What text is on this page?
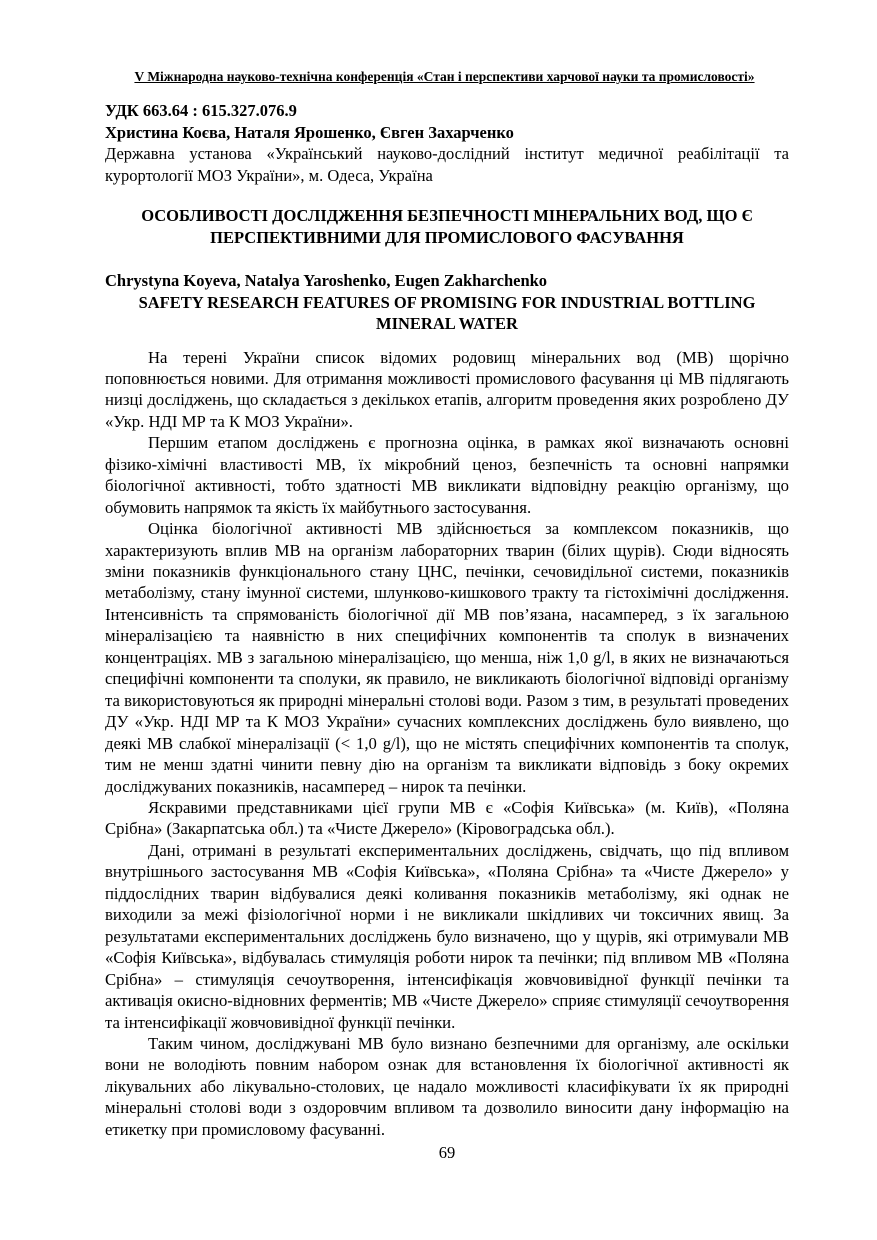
V Міжнародна науково-технічна конференція «Стан і перспективи харчової науки та промисловості»
УДК 663.64 : 615.327.076.9
Христина Коєва, Наталя Ярошенко, Євген Захарченко
Державна установа «Український науково-дослідний інститут медичної реабілітації та курортології МОЗ України», м. Одеса, Україна
ОСОБЛИВОСТІ ДОСЛІДЖЕННЯ БЕЗПЕЧНОСТІ МІНЕРАЛЬНИХ ВОД, ЩО Є ПЕРСПЕКТИВНИМИ ДЛЯ ПРОМИСЛОВОГО ФАСУВАННЯ
Chrystyna Koyeva, Natalya Yaroshenko, Eugen Zakharchenko
SAFETY RESEARCH FEATURES OF PROMISING FOR INDUSTRIAL BOTTLING MINERAL WATER

На терені України список відомих родовищ мінеральних вод (МВ) щорічно поповнюється новими. Для отримання можливості промислового фасування ці МВ підлягають низці досліджень, що складається з декількох етапів, алгоритм проведення яких розроблено ДУ «Укр. НДІ МР та К МОЗ України».

Першим етапом досліджень є прогнозна оцінка, в рамках якої визначають основні фізико-хімічні властивості МВ, їх мікробний ценоз, безпечність та основні напрямки біологічної активності, тобто здатності МВ викликати відповідну реакцію організму, що обумовить напрямок та якість їх майбутнього застосування.

Оцінка біологічної активності МВ здійснюється за комплексом показників, що характеризують вплив МВ на організм лабораторних тварин (білих щурів). Сюди відносять зміни показників функціонального стану ЦНС, печінки, сечовидільної системи, показників метаболізму, стану імунної системи, шлунково-кишкового тракту та гістохімічні дослідження. Інтенсивність та спрямованість біологічної дії МВ пов’язана, насамперед, з їх загальною мінералізацією та наявністю в них специфічних компонентів та сполук в визначених концентраціях. МВ з загальною мінералізацією, що менша, ніж 1,0 g/l, в яких не визначаються специфічні компоненти та сполуки, як правило, не викликають біологічної відповіді організму та використовуються як природні мінеральні столові води. Разом з тим, в результаті проведених ДУ «Укр. НДІ МР та К МОЗ України» сучасних комплексних досліджень було виявлено, що деякі МВ слабкої мінералізації (< 1,0 g/l), що не містять специфічних компонентів та сполук, тим не менш здатні чинити певну дію на організм та викликати відповідь з боку окремих досліджуваних показників, насамперед – нирок та печінки.

Яскравими представниками цієї групи МВ є «Софія Київська» (м. Київ), «Поляна Срібна» (Закарпатська обл.) та «Чисте Джерело» (Кіровоградська обл.).

Дані, отримані в результаті експериментальних досліджень, свідчать, що під впливом внутрішнього застосування МВ «Софія Київська», «Поляна Срібна» та «Чисте Джерело» у піддослідних тварин відбувалися деякі коливання показників метаболізму, які однак не виходили за межі фізіологічної норми і не викликали шкідливих чи токсичних явищ. За результатами експериментальних досліджень було визначено, що у щурів, які отримували МВ «Софія Київська», відбувалась стимуляція роботи нирок та печінки; під впливом МВ «Поляна Срібна» – стимуляція сечоутворення, інтенсифікація жовчовивідної функції печінки та активація окисно-відновних ферментів; МВ «Чисте Джерело» сприяє стимуляції сечоутворення та інтенсифікації жовчовивідної функції печінки.

Таким чином, досліджувані МВ було визнано безпечними для організму, але оскільки вони не володіють повним набором ознак для встановлення їх біологічної активності як лікувальних або лікувально-столових, це надало можливості класифікувати їх як природні мінеральні столові води з оздоровчим впливом та дозволило виносити дану інформацію на етикетку при промисловому фасуванні.

69
